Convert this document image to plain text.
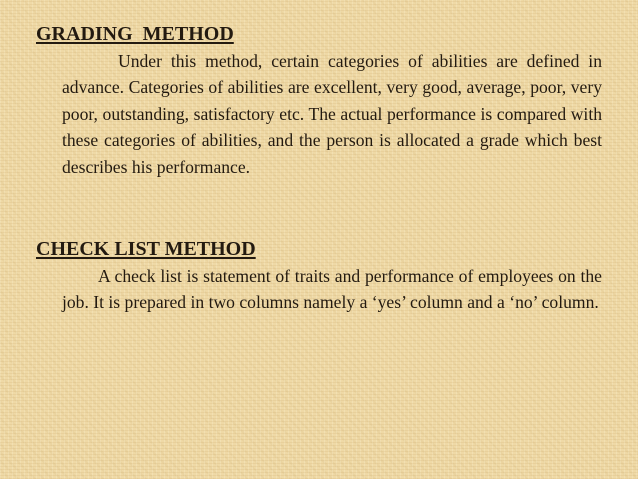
GRADING  METHOD

Under this method, certain categories of abilities are defined in advance. Categories of abilities are excellent, very good, average, poor, very poor, outstanding, satisfactory etc. The actual performance is compared with these categories of abilities, and the person is allocated a grade which best describes his performance.

CHECK LIST METHOD

A check list is statement of traits and performance of employees on the job. It is prepared in two columns namely a ‘yes’ column and a ‘no’ column.
